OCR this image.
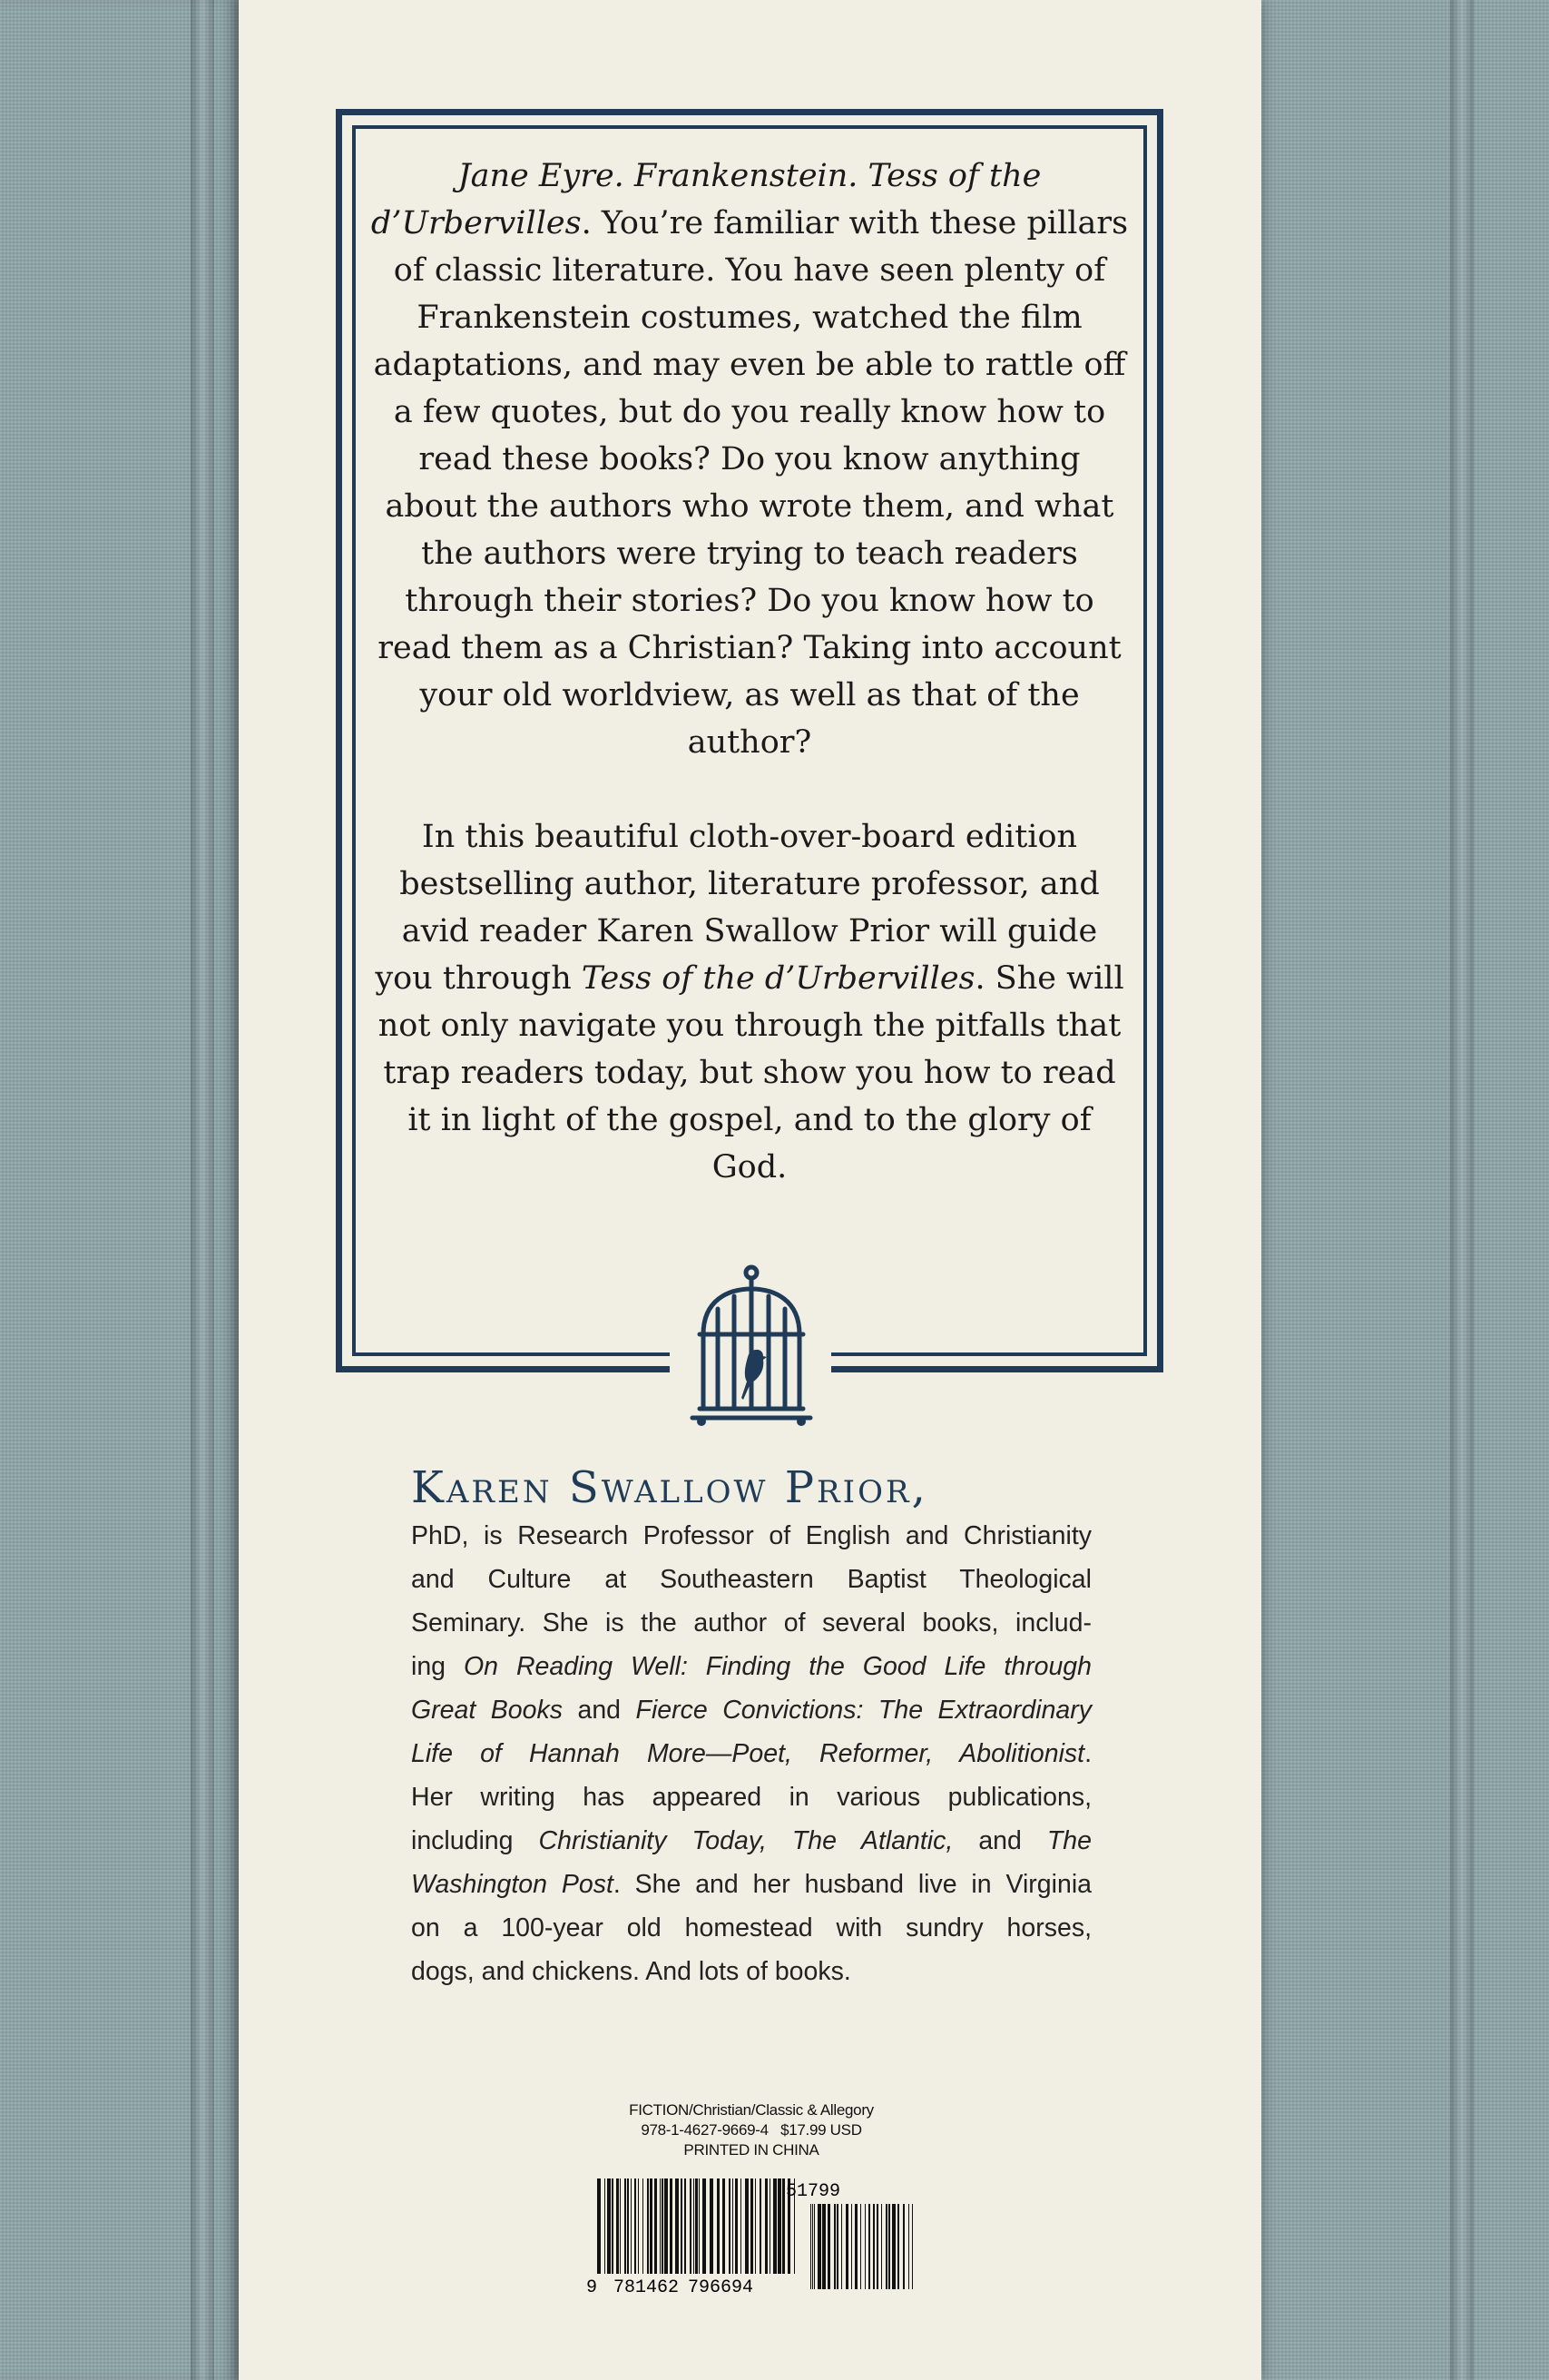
Jane Eyre. Frankenstein. Tess of the d’Urbervilles. You’re familiar with these pillars of classic literature. You have seen plenty of Frankenstein costumes, watched the film adaptations, and may even be able to rattle off a few quotes, but do you really know how to read these books? Do you know anything about the authors who wrote them, and what the authors were trying to teach readers through their stories? Do you know how to read them as a Christian? Taking into account your old worldview, as well as that of the author?

In this beautiful cloth-over-board edition bestselling author, literature professor, and avid reader Karen Swallow Prior will guide you through Tess of the d’Urbervilles. She will not only navigate you through the pitfalls that trap readers today, but show you how to read it in light of the gospel, and to the glory of God.

Karen Swallow Prior,
PhD, is Research Professor of English and Christianity
and Culture at Southeastern Baptist Theological
Seminary. She is the author of several books, includ-
ing On Reading Well: Finding the Good Life through
Great Books and Fierce Convictions: The Extraordinary
Life of Hannah More—Poet, Reformer, Abolitionist.
Her writing has appeared in various publications,
including Christianity Today, The Atlantic, and The
Washington Post. She and her husband live in Virginia
on a 100-year old homestead with sundry horses,
dogs, and chickens. And lots of books.
FICTION/Christian/Classic & Allegory
978-1-4627-9669-4 $17.99 USD
PRINTED IN CHINA
51799
9 781462 796694
